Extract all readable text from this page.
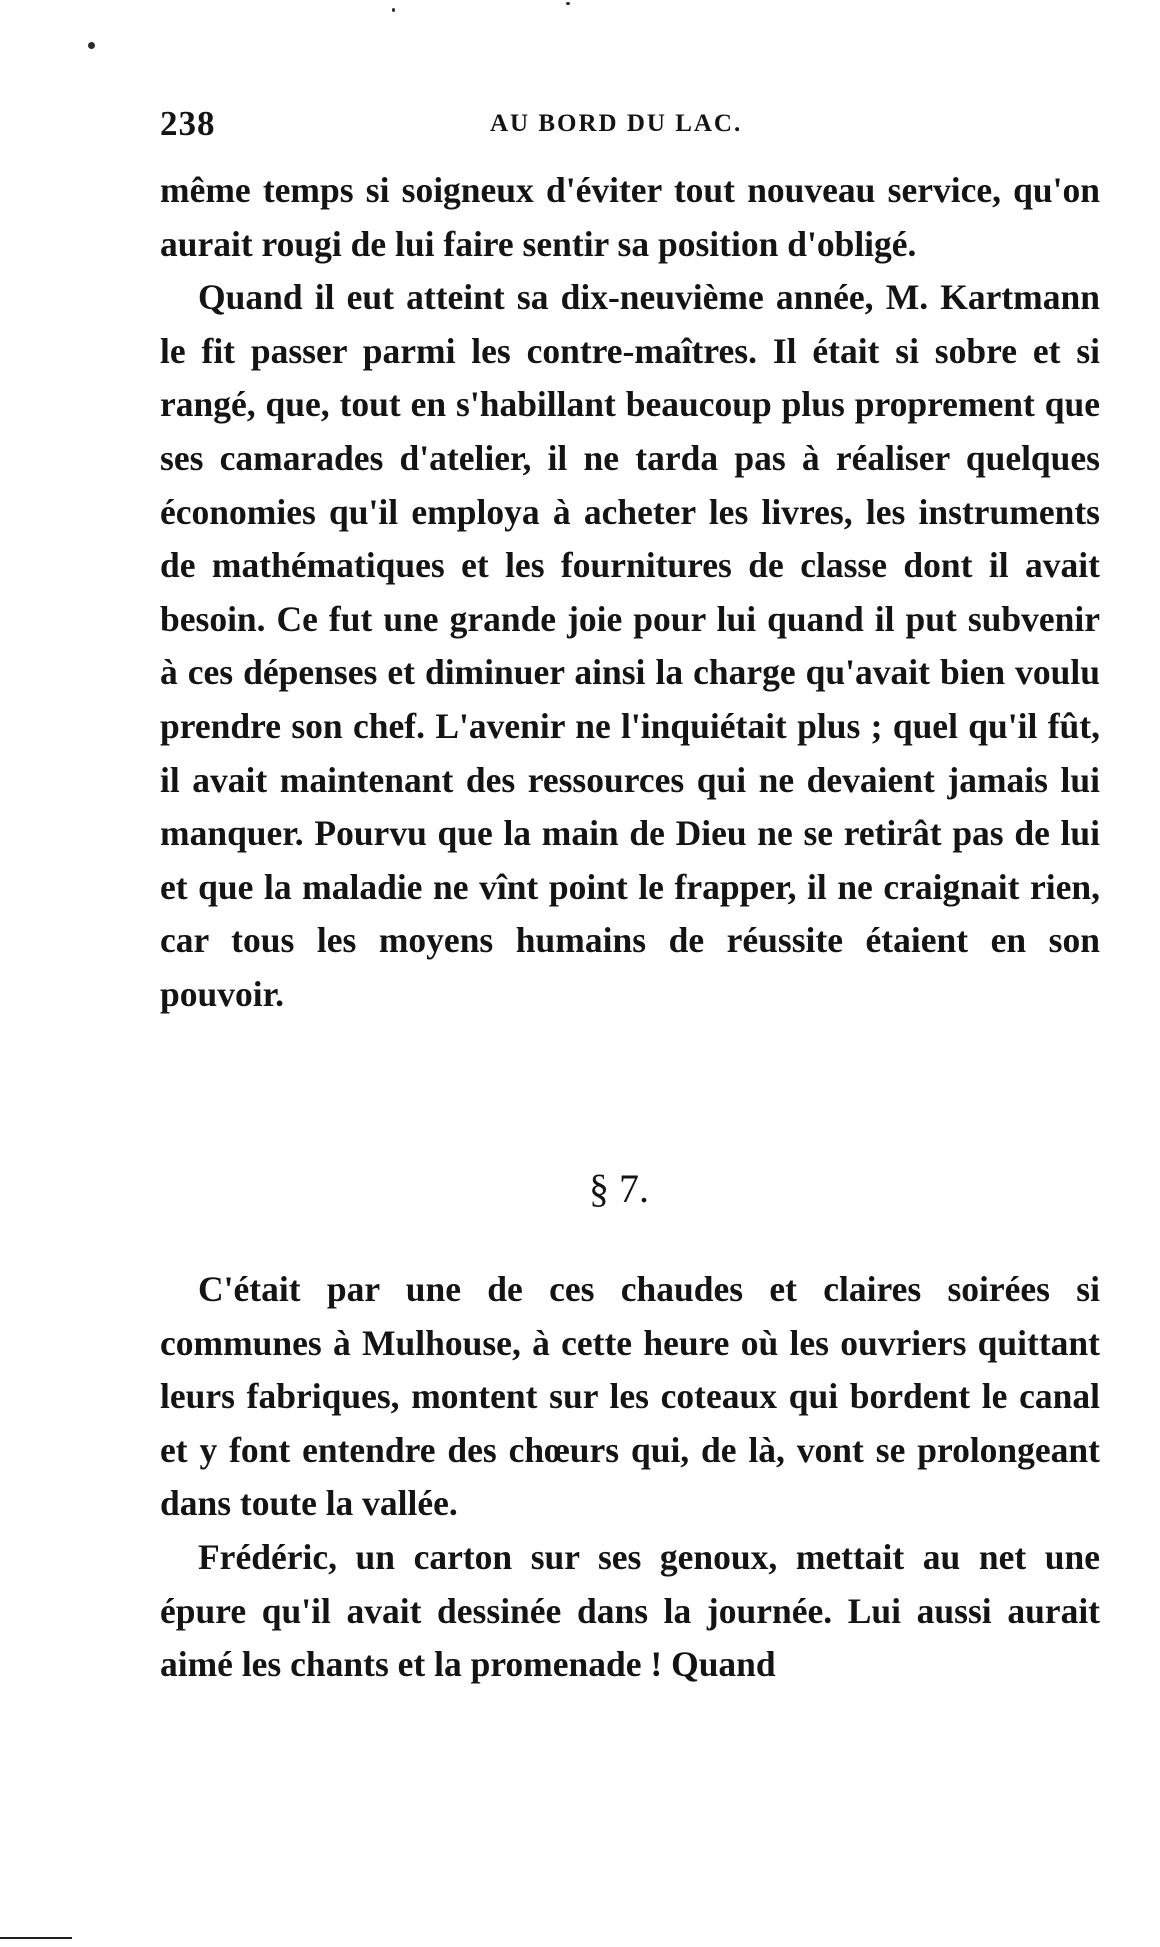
238	AU BORD DU LAC.

même temps si soigneux d'éviter tout nouveau service, qu'on aurait rougi de lui faire sentir sa position d'obligé.

Quand il eut atteint sa dix-neuvième année, M. Kartmann le fit passer parmi les contre-maîtres. Il était si sobre et si rangé, que, tout en s'habillant beaucoup plus proprement que ses camarades d'atelier, il ne tarda pas à réaliser quelques économies qu'il employa à acheter les livres, les instruments de mathématiques et les fournitures de classe dont il avait besoin. Ce fut une grande joie pour lui quand il put subvenir à ces dépenses et diminuer ainsi la charge qu'avait bien voulu prendre son chef. L'avenir ne l'inquiétait plus ; quel qu'il fût, il avait maintenant des ressources qui ne devaient jamais lui manquer. Pourvu que la main de Dieu ne se retirât pas de lui et que la maladie ne vînt point le frapper, il ne craignait rien, car tous les moyens humains de réussite étaient en son pouvoir.

§ 7.

C'était par une de ces chaudes et claires soirées si communes à Mulhouse, à cette heure où les ouvriers quittant leurs fabriques, montent sur les coteaux qui bordent le canal et y font entendre des chœurs qui, de là, vont se prolongeant dans toute la vallée.

Frédéric, un carton sur ses genoux, mettait au net une épure qu'il avait dessinée dans la journée. Lui aussi aurait aimé les chants et la promenade ! Quand
